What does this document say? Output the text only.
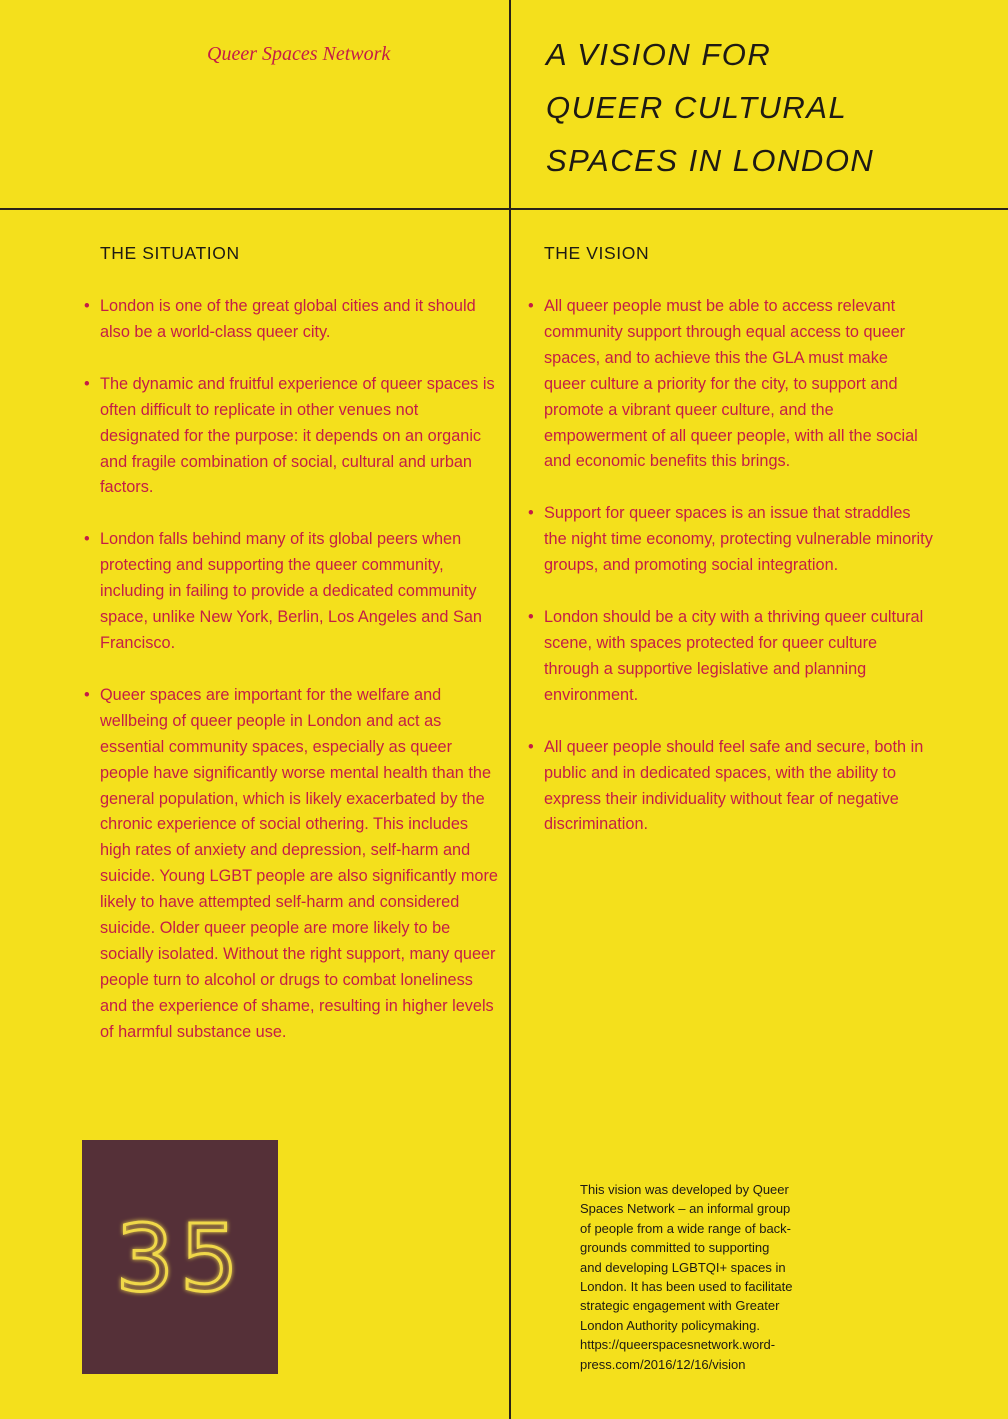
Queer Spaces Network	A VISION FOR
QUEER CULTURAL
SPACES IN LONDON
THE SITUATION
• London is one of the great global cities and it should also be a world-class queer city.
• The dynamic and fruitful experience of queer spaces is often difficult to replicate in other venues not designated for the purpose: it depends on an organic and fragile combination of social, cultural and urban factors.
• London falls behind many of its global peers when protecting and supporting the queer community, including in failing to provide a dedicated community space, unlike New York, Berlin, Los Angeles and San Francisco.
• Queer spaces are important for the welfare and wellbeing of queer people in London and act as essential community spaces, especially as queer people have significantly worse mental health than the general population, which is likely exacerbated by the chronic experience of social othering. This includes high rates of anxiety and depression, self-harm and suicide. Young LGBT people are also significantly more likely to have attempted self-harm and considered suicide. Older queer people are more likely to be socially isolated. Without the right support, many queer people turn to alcohol or drugs to combat loneliness and the experience of shame, resulting in higher levels of harmful substance use.
THE VISION
• All queer people must be able to access relevant community support through equal access to queer spaces, and to achieve this the GLA must make queer culture a priority for the city, to support and promote a vibrant queer culture, and the empowerment of all queer people, with all the social and economic benefits this brings.
• Support for queer spaces is an issue that straddles the night time economy, protecting vulnerable minority groups, and promoting social integration.
• London should be a city with a thriving queer cultural scene, with spaces protected for queer culture through a supportive legislative and planning environment.
• All queer people should feel safe and secure, both in public and in dedicated spaces, with the ability to express their individuality without fear of negative discrimination.
35

This vision was developed by Queer
Spaces Network – an informal group
of people from a wide range of back-
grounds committed to supporting
and developing LGBTQI+ spaces in
London. It has been used to facilitate
strategic engagement with Greater
London Authority policymaking.
https://queerspacesnetwork.word-
press.com/2016/12/16/vision
